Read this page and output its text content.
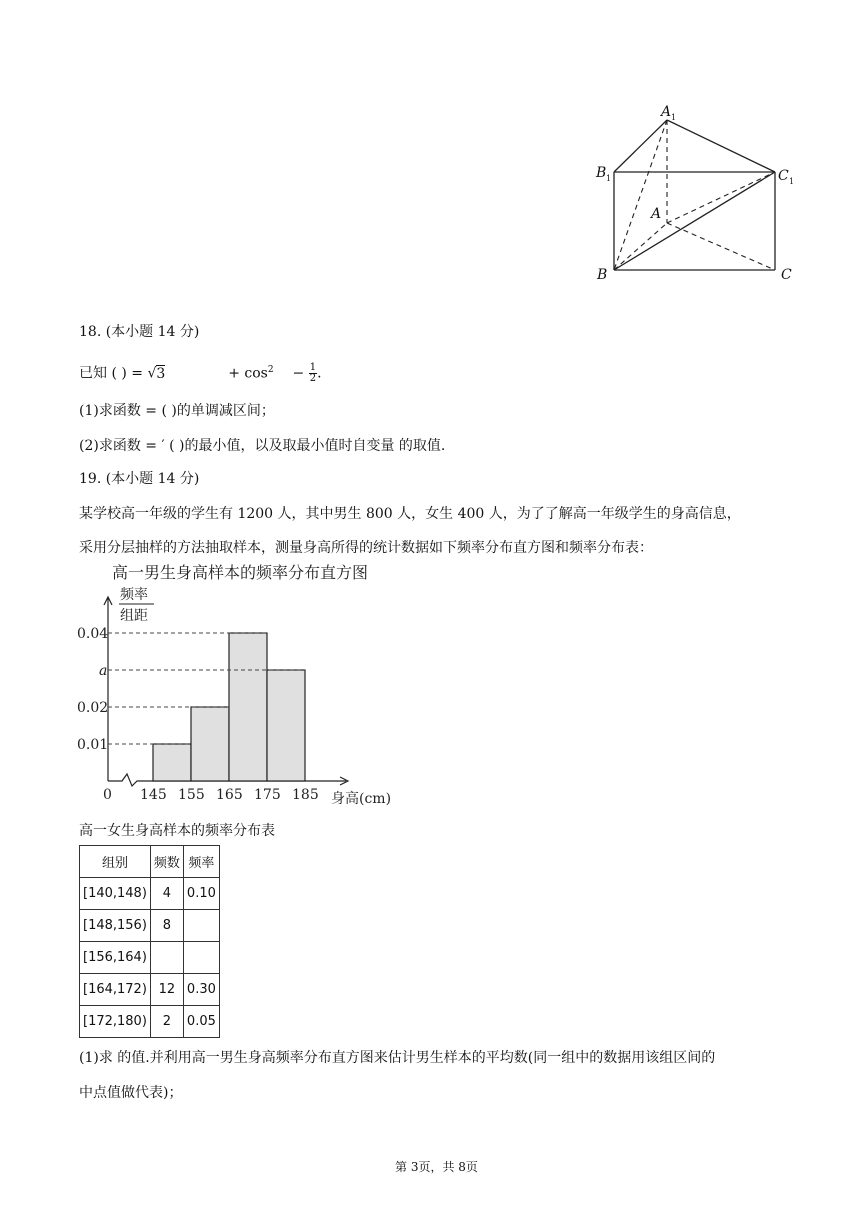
A 1
B 1	C 1
A
B	C
18. (本小题 14 分)
已知 ( ) = √3	+ $\cos^2 - \frac{1}{2}$ .
(1)求函数 = ( )的单调减区间；
(2)求函数 = ′ ( )的最小值，以及取最小值时自变量 的取值.
19. (本小题 14 分)
某学校高一年级的学生有 1200 人，其中男生 800 人，女生 400 人，为了了解高一年级学生的身高信息，
采用分层抽样的方法抽取样本，测量身高所得的统计数据如下频率分布直方图和频率分布表：
高一男生身高样本的频率分布直方图
频率
组距
0.04
a
0.02
0.01
0 145 155 165 175 185 身高(cm)
高一女生身高样本的频率分布表
组别	频数	频率
[140,148)	4	0.10
[148,156)	8	
[156,164)		
[164,172)	12	0.30
[172,180)	2	0.05
(1)求 的值.并利用高一男生身高频率分布直方图来估计男生样本的平均数(同一组中的数据用该组区间的
中点值做代表)；
第 3页，共 8页
